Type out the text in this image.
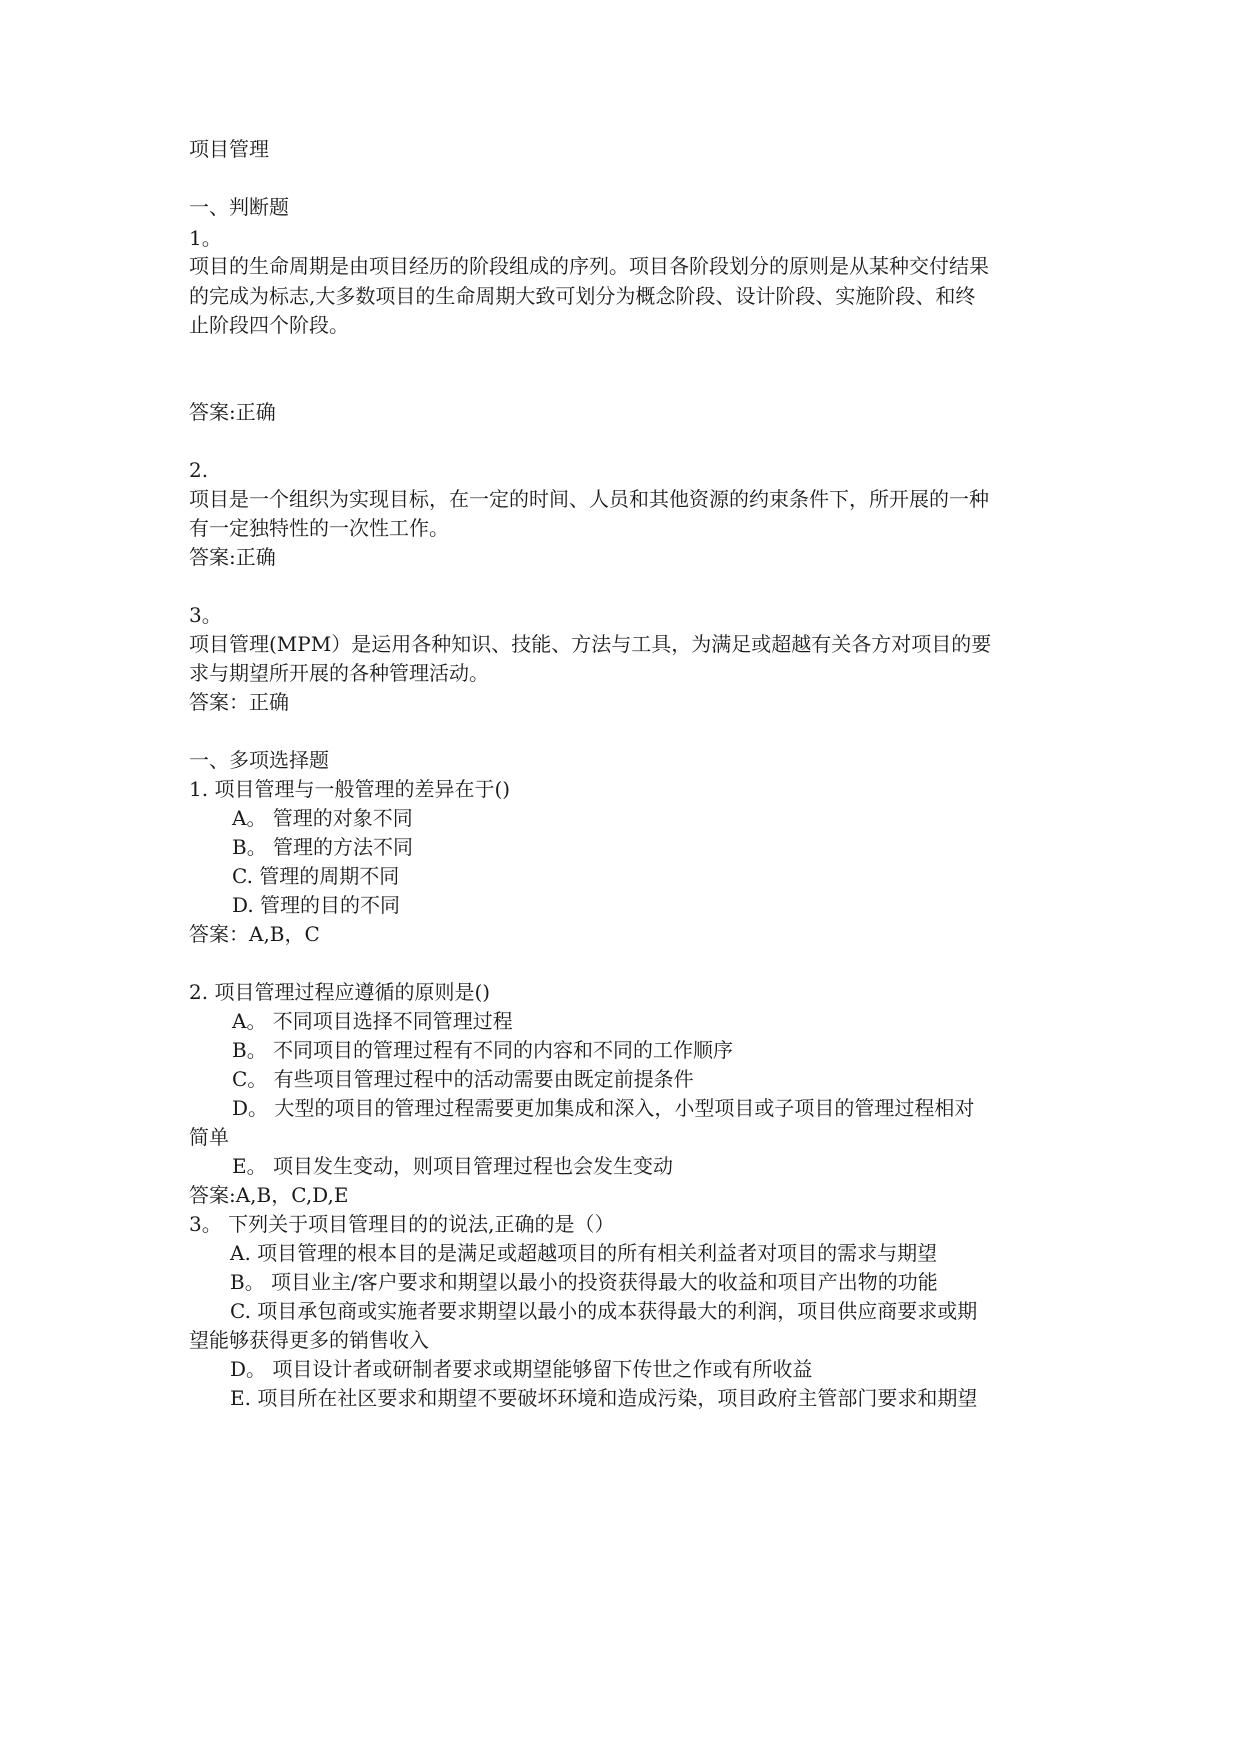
项目管理
一、判断题
1。
项目的生命周期是由项目经历的阶段组成的序列。项目各阶段划分的原则是从某种交付结果
的完成为标志,大多数项目的生命周期大致可划分为概念阶段、设计阶段、实施阶段、和终
止阶段四个阶段。
答案:正确
2.
项目是一个组织为实现目标，在一定的时间、人员和其他资源的约束条件下，所开展的一种
有一定独特性的一次性工作。
答案:正确
3。
项目管理(MPM）是运用各种知识、技能、方法与工具，为满足或超越有关各方对项目的要
求与期望所开展的各种管理活动。
答案：正确
一、多项选择题
1. 项目管理与一般管理的差异在于()
A。 管理的对象不同
B。 管理的方法不同
C. 管理的周期不同
D. 管理的目的不同
答案：A,B，C
2. 项目管理过程应遵循的原则是()
A。 不同项目选择不同管理过程
B。 不同项目的管理过程有不同的内容和不同的工作顺序
C。 有些项目管理过程中的活动需要由既定前提条件
D。 大型的项目的管理过程需要更加集成和深入，小型项目或子项目的管理过程相对
简单
E。 项目发生变动，则项目管理过程也会发生变动
答案:A,B，C,D,E
3。 下列关于项目管理目的的说法,正确的是（）
A. 项目管理的根本目的是满足或超越项目的所有相关利益者对项目的需求与期望
B。 项目业主/客户要求和期望以最小的投资获得最大的收益和项目产出物的功能
C. 项目承包商或实施者要求期望以最小的成本获得最大的利润，项目供应商要求或期
望能够获得更多的销售收入
D。 项目设计者或研制者要求或期望能够留下传世之作或有所收益
E. 项目所在社区要求和期望不要破坏环境和造成污染，项目政府主管部门要求和期望
